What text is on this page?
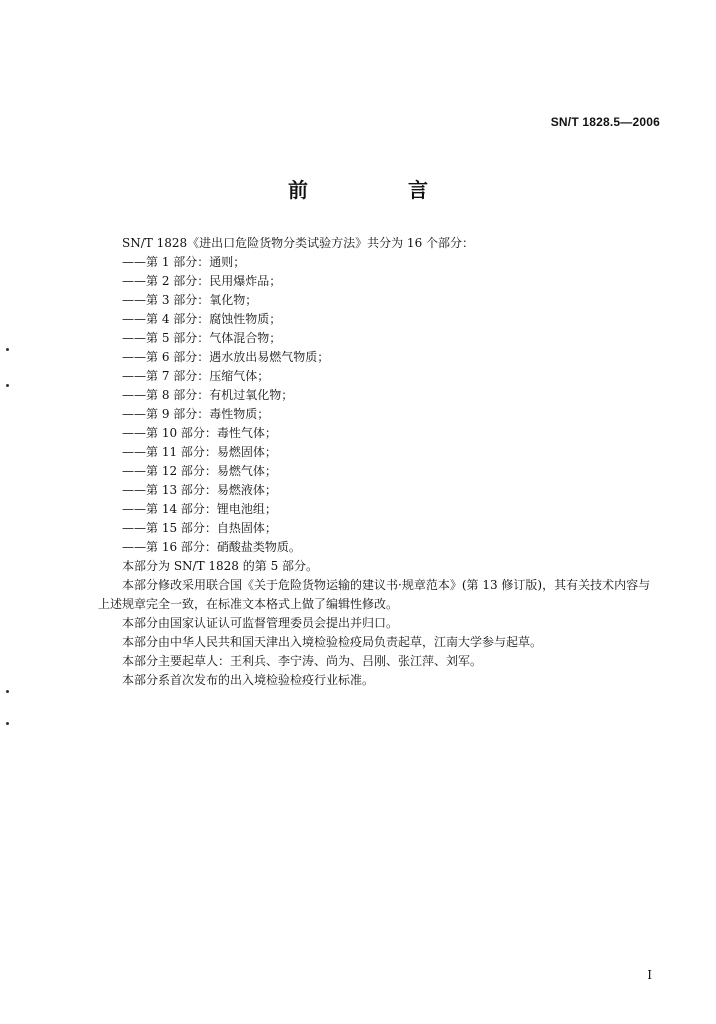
SN/T 1828.5—2006
前　言

SN/T 1828《进出口危险货物分类试验方法》共分为 16 个部分：

——第 1 部分：通则；
——第 2 部分：民用爆炸品；
——第 3 部分：氧化物；
——第 4 部分：腐蚀性物质；
——第 5 部分：气体混合物；
——第 6 部分：遇水放出易燃气物质；
——第 7 部分：压缩气体；
——第 8 部分：有机过氧化物；
——第 9 部分：毒性物质；
——第 10 部分：毒性气体；
——第 11 部分：易燃固体；
——第 12 部分：易燃气体；
——第 13 部分：易燃液体；
——第 14 部分：锂电池组；
——第 15 部分：自热固体；
——第 16 部分：硝酸盐类物质。

本部分为 SN/T 1828 的第 5 部分。

本部分修改采用联合国《关于危险货物运输的建议书·规章范本》(第 13 修订版)，其有关技术内容与上述规章完全一致，在标准文本格式上做了编辑性修改。

本部分由国家认证认可监督管理委员会提出并归口。

本部分由中华人民共和国天津出入境检验检疫局负责起草，江南大学参与起草。

本部分主要起草人：王利兵、李宁涛、尚为、吕刚、张江萍、刘军。

本部分系首次发布的出入境检验检疫行业标准。

I
